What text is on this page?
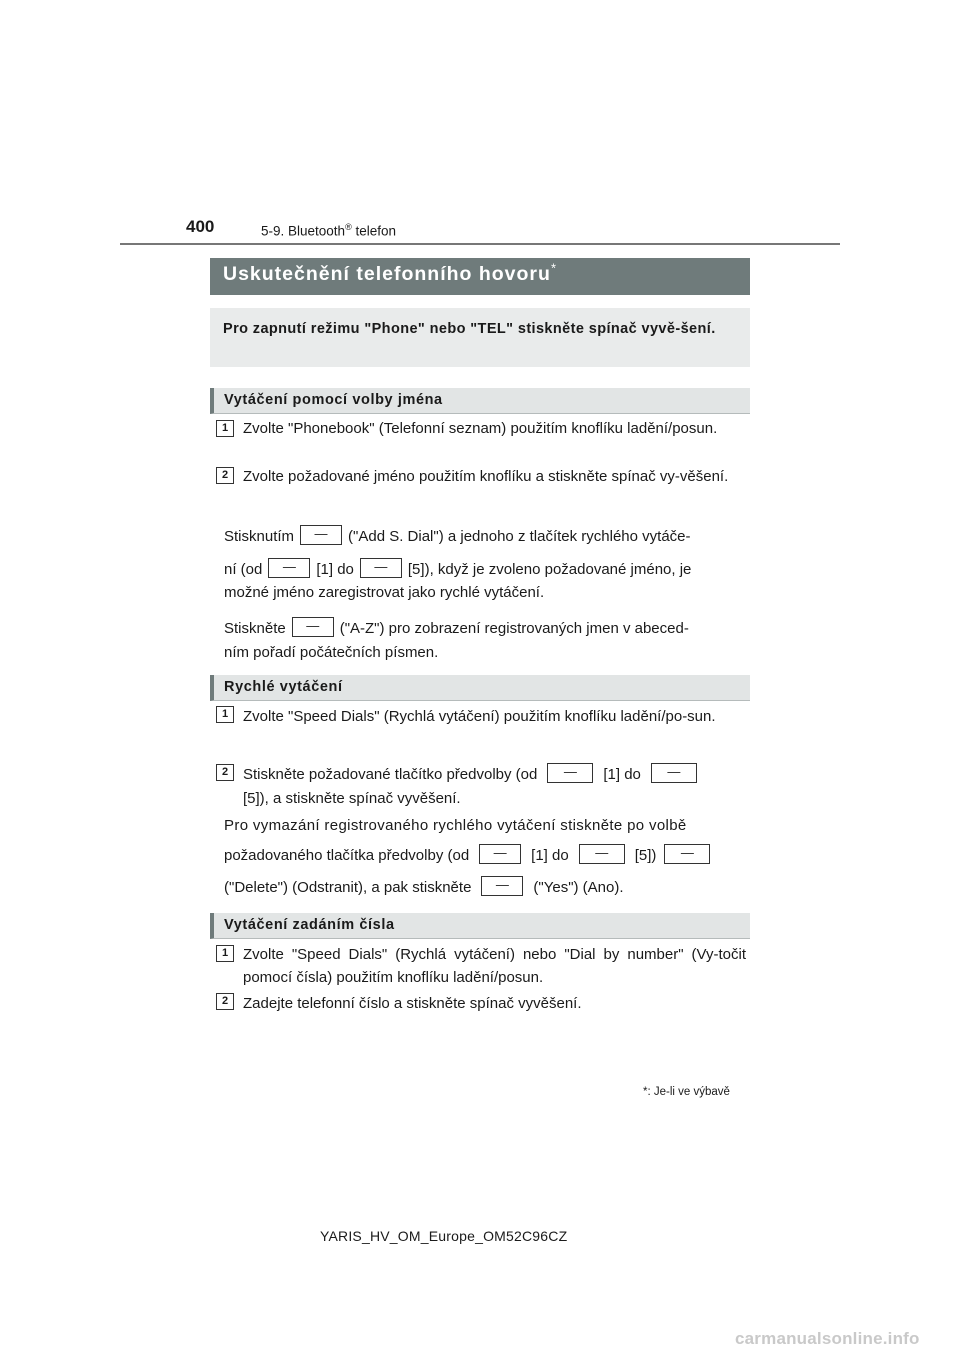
400	5-9. Bluetooth® telefon
Uskutečnění telefonního hovoru*
Pro zapnutí režimu "Phone" nebo "TEL" stiskněte spínač vyvě-šení.
Vytáčení pomocí volby jména
1 Zvolte "Phonebook" (Telefonní seznam) použitím knoflíku ladění/posun.
2 Zvolte požadované jméno použitím knoflíku a stiskněte spínač vy-věšení.
Stisknutím — ("Add S. Dial") a jednoho z tlačítek rychlého vytáče-
ní (od — [1] do — [5]), když je zvoleno požadované jméno, je
možné jméno zaregistrovat jako rychlé vytáčení.
Stiskněte — ("A-Z") pro zobrazení registrovaných jmen v abeced-
ním pořadí počátečních písmen.
Rychlé vytáčení
1 Zvolte "Speed Dials" (Rychlá vytáčení) použitím knoflíku ladění/po-sun.
2 Stiskněte požadované tlačítko předvolby (od — [1] do —
[5]), a stiskněte spínač vyvěšení.
Pro vymazání registrovaného rychlého vytáčení stiskněte po volbě
požadovaného tlačítka předvolby (od — [1] do — [5]) —
("Delete") (Odstranit), a pak stiskněte — ("Yes") (Ano).
Vytáčení zadáním čísla
1 Zvolte "Speed Dials" (Rychlá vytáčení) nebo "Dial by number" (Vy-točit pomocí čísla) použitím knoflíku ladění/posun.
2 Zadejte telefonní číslo a stiskněte spínač vyvěšení.
*: Je-li ve výbavě
YARIS_HV_OM_Europe_OM52C96CZ
carmanualsonline.info
